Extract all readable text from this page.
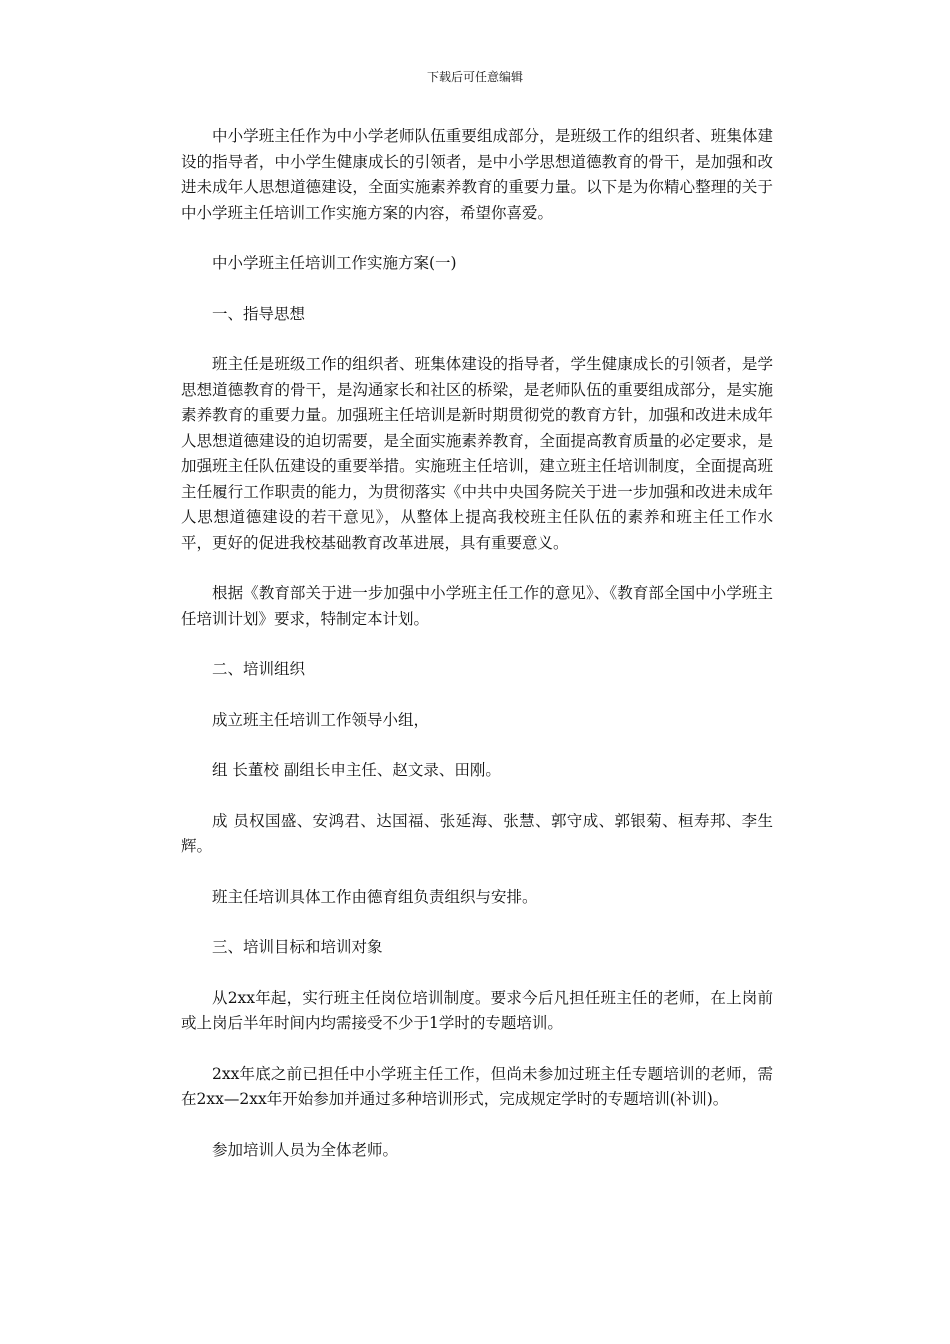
下载后可任意编辑

中小学班主任作为中小学老师队伍重要组成部分，是班级工作的组织者、班集体建设的指导者，中小学生健康成长的引领者，是中小学思想道德教育的骨干，是加强和改进未成年人思想道德建设，全面实施素养教育的重要力量。以下是为你精心整理的关于中小学班主任培训工作实施方案的内容，希望你喜爱。

中小学班主任培训工作实施方案(一)

一、指导思想

班主任是班级工作的组织者、班集体建设的指导者，学生健康成长的引领者，是学思想道德教育的骨干，是沟通家长和社区的桥梁，是老师队伍的重要组成部分，是实施素养教育的重要力量。加强班主任培训是新时期贯彻党的教育方针，加强和改进未成年人思想道德建设的迫切需要，是全面实施素养教育，全面提高教育质量的必定要求，是加强班主任队伍建设的重要举措。实施班主任培训，建立班主任培训制度，全面提高班主任履行工作职责的能力，为贯彻落实《中共中央国务院关于进一步加强和改进未成年人思想道德建设的若干意见》，从整体上提高我校班主任队伍的素养和班主任工作水平，更好的促进我校基础教育改革进展，具有重要意义。

根据《教育部关于进一步加强中小学班主任工作的意见》、《教育部全国中小学班主任培训计划》要求，特制定本计划。

二、培训组织

成立班主任培训工作领导小组，

组 长董校 副组长申主任、赵文录、田刚。

成 员权国盛、安鸿君、达国福、张延海、张慧、郭守成、郭银菊、桓寿邦、李生辉。

班主任培训具体工作由德育组负责组织与安排。

三、培训目标和培训对象

从2xx年起，实行班主任岗位培训制度。要求今后凡担任班主任的老师，在上岗前或上岗后半年时间内均需接受不少于1学时的专题培训。

2xx年底之前已担任中小学班主任工作，但尚未参加过班主任专题培训的老师，需在2xx—2xx年开始参加并通过多种培训形式，完成规定学时的专题培训(补训)。

参加培训人员为全体老师。
